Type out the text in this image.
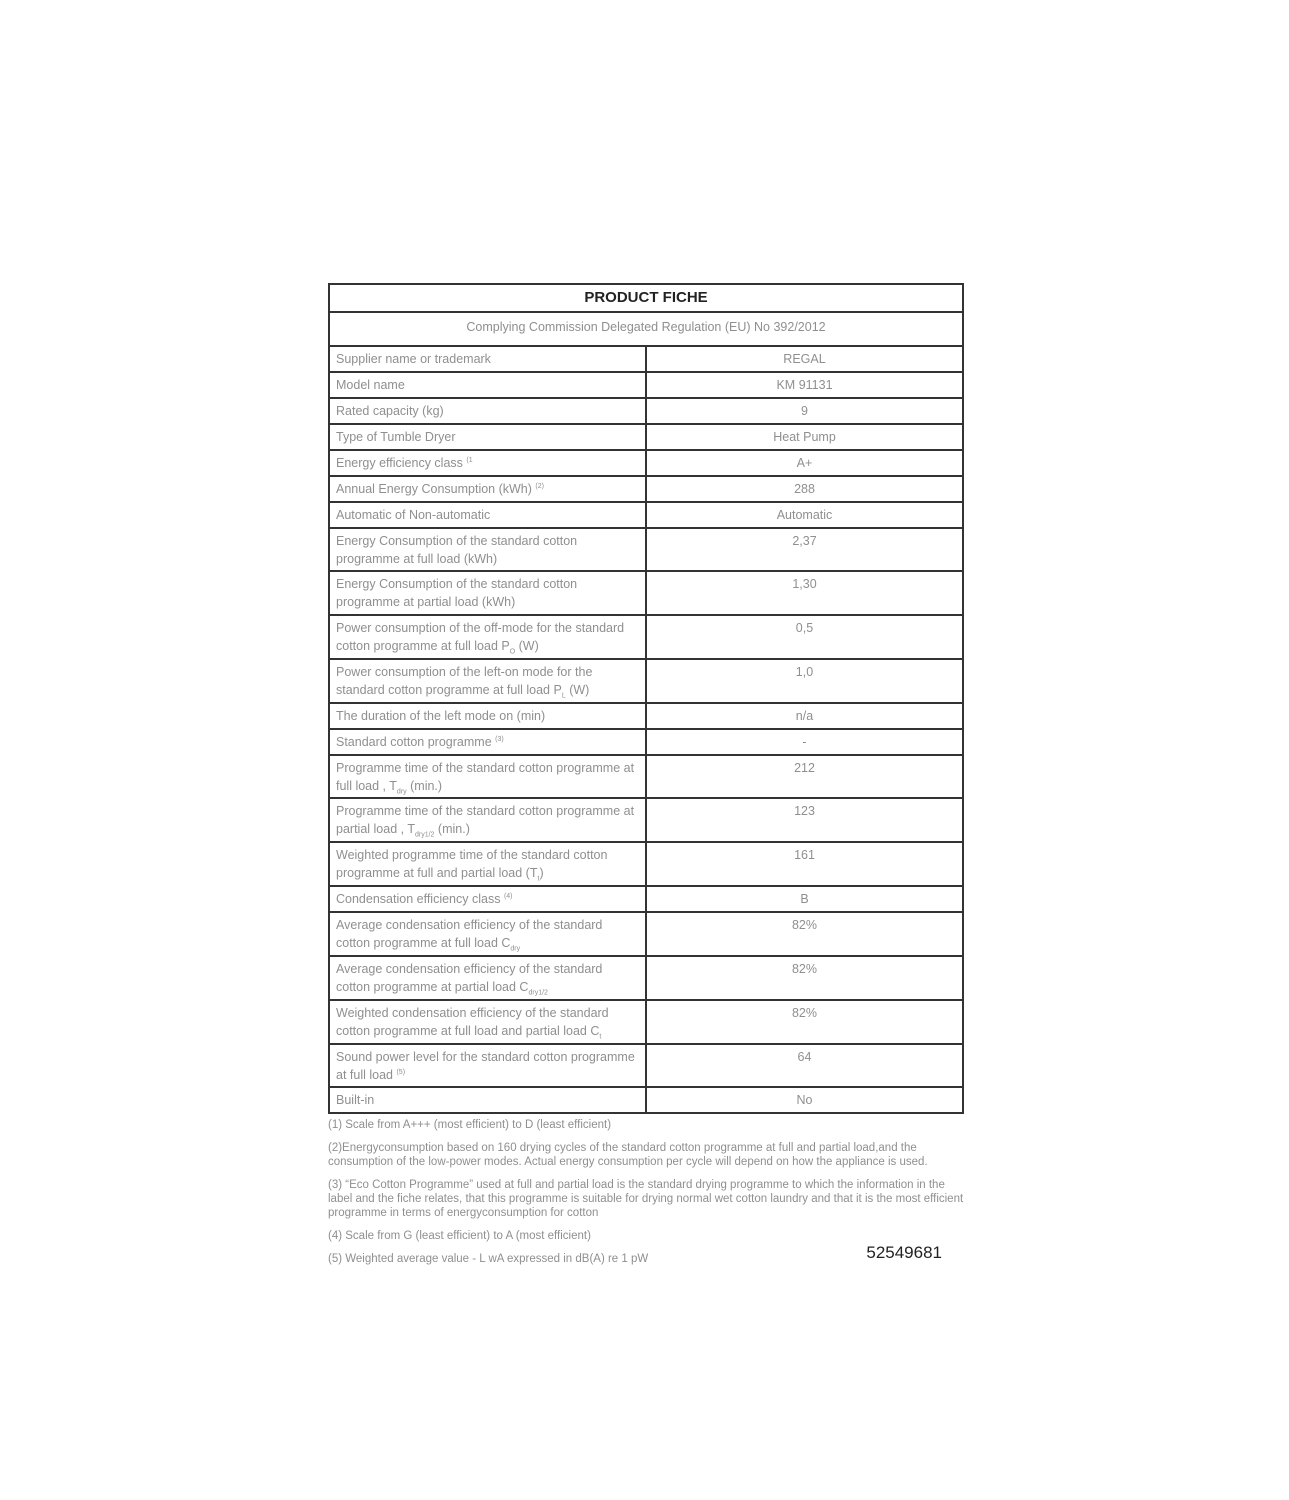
PRODUCT FICHE	
Complying Commission Delegated Regulation (EU) No 392/2012	
Supplier name or trademark	REGAL
Model name	KM 91131
Rated capacity (kg)	9
Type of Tumble Dryer	Heat Pump
Energy efficiency class $^{(1}$	A+
Annual Energy Consumption (kWh) $^{(2)}$	288
Automatic of Non-automatic	Automatic
Energy Consumption of the standard cotton programme at full load (kWh)	2,37
Energy Consumption of the standard cotton programme at partial load (kWh)	1,30
Power consumption of the off-mode for the standard cotton programme at full load $P_O$ (W)	0,5
Power consumption of the left-on mode for the standard cotton programme at full load $P_L$ (W)	1,0
The duration of the left mode on (min)	n/a
Standard cotton programme $^{(3)}$	-
Programme time of the standard cotton programme at full load , $T_{dry}$ (min.)	212
Programme time of the standard cotton programme at partial load , $T_{dry1/2}$ (min.)	123
Weighted programme time of the standard cotton programme at full and partial load $(T_t)$	161
Condensation efficiency class $^{(4)}$	B
Average condensation efficiency of the standard cotton programme at full load $C_{dry}$	82%
Average condensation efficiency of the standard cotton programme at partial load $C_{dry1/2}$	82%
Weighted condensation efficiency of the standard cotton programme at full load and partial load $C_t$	82%
Sound power level for the standard cotton programme at full load $^{(5)}$	64
Built-in	No
(1) Scale from A+++ (most efficient) to D (least efficient)
(2)Energyconsumption based on 160 drying cycles of the standard cotton programme at full and partial load,and the consumption of the low-power modes. Actual energy consumption per cycle will depend on how the appliance is used.
(3) “Eco Cotton Programme” used at full and partial load is the standard drying programme to which the information in the label and the fiche relates, that this programme is suitable for drying normal wet cotton laundry and that it is the most efficient programme in terms of energyconsumption for cotton
(4) Scale from G (least efficient) to A (most efficient)
(5) Weighted average value - L wA expressed in dB(A) re 1 pW	52549681
